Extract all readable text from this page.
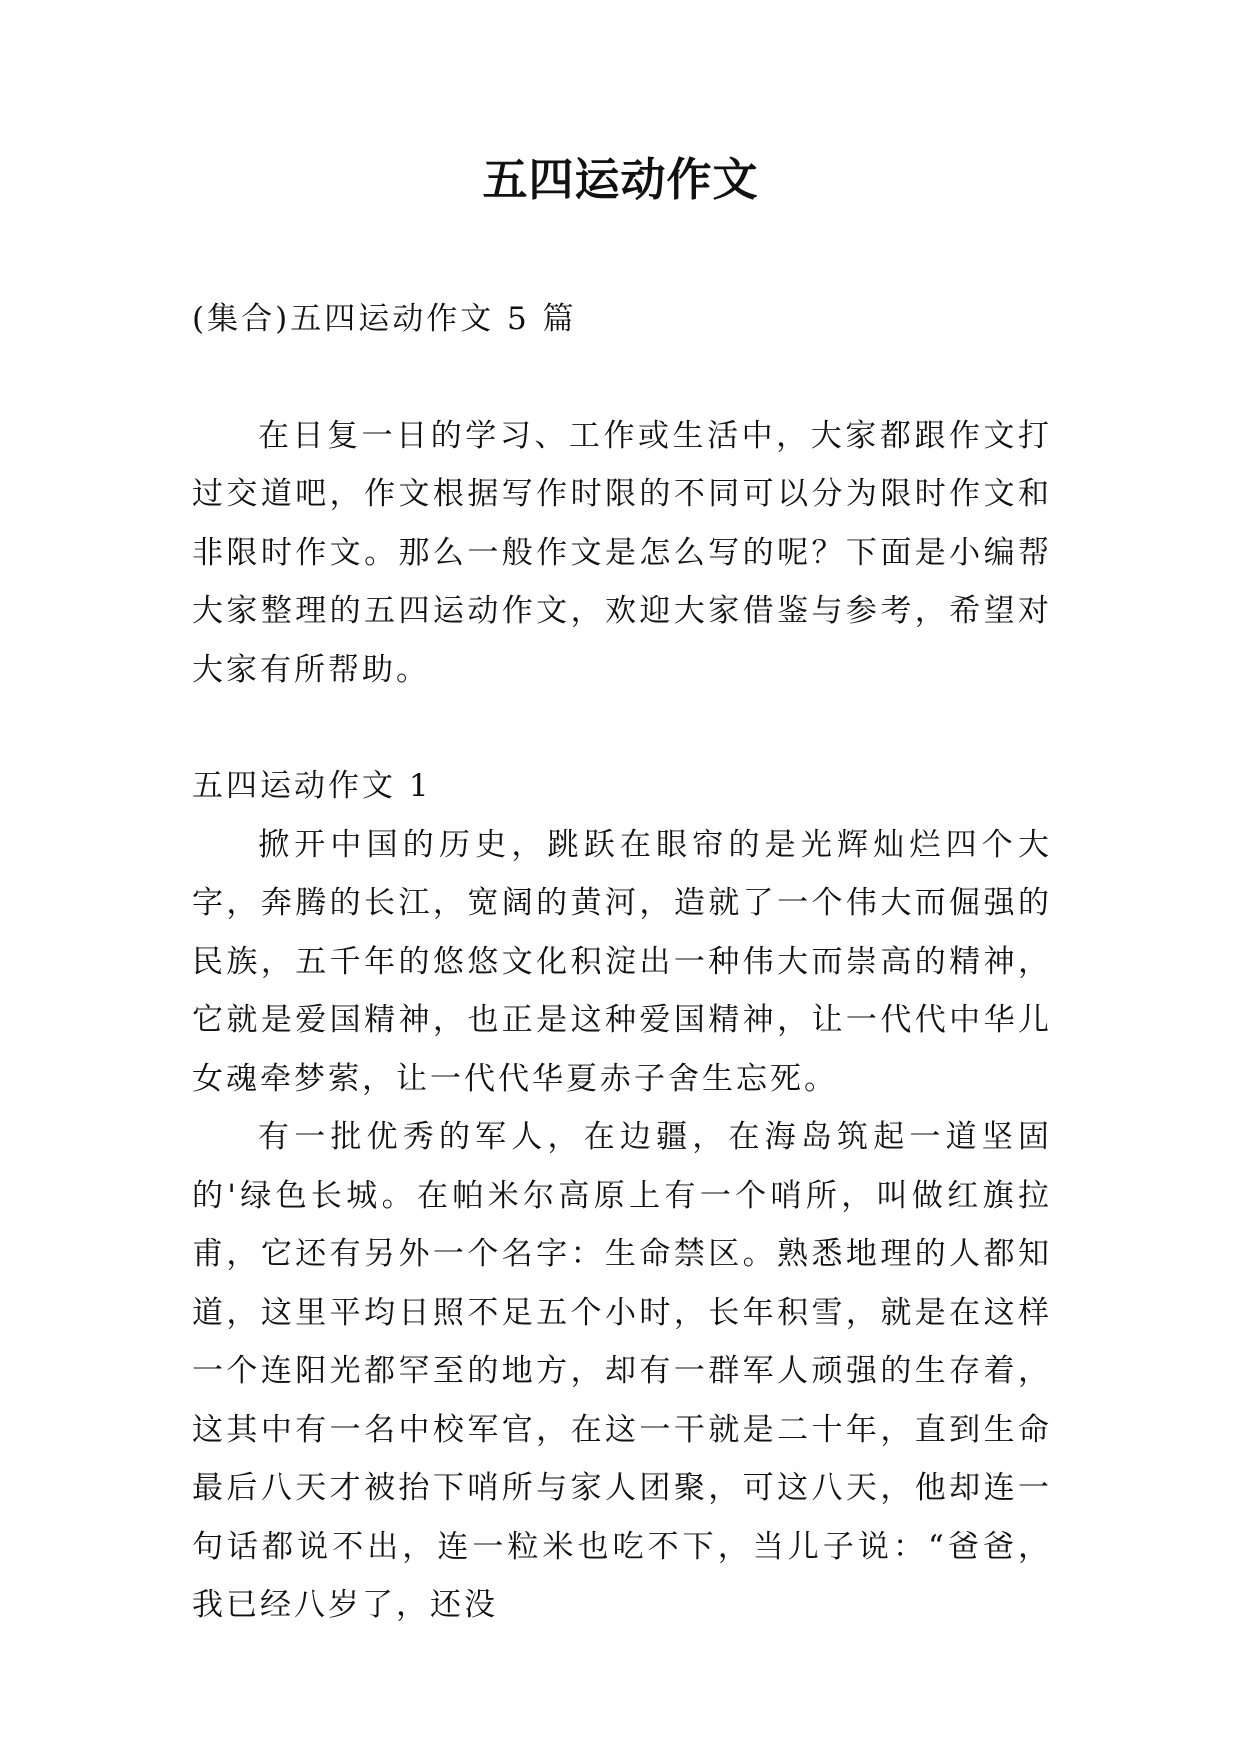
五四运动作文

(集合)五四运动作文 5 篇

在日复一日的学习、工作或生活中，大家都跟作文打过交道吧，作文根据写作时限的不同可以分为限时作文和非限时作文。那么一般作文是怎么写的呢？下面是小编帮大家整理的五四运动作文，欢迎大家借鉴与参考，希望对大家有所帮助。

五四运动作文 1

掀开中国的历史，跳跃在眼帘的是光辉灿烂四个大字，奔腾的长江，宽阔的黄河，造就了一个伟大而倔强的民族，五千年的悠悠文化积淀出一种伟大而崇高的精神，它就是爱国精神，也正是这种爱国精神，让一代代中华儿女魂牵梦萦，让一代代华夏赤子舍生忘死。

有一批优秀的军人，在边疆，在海岛筑起一道坚固的'绿色长城。在帕米尔高原上有一个哨所，叫做红旗拉甫，它还有另外一个名字：生命禁区。熟悉地理的人都知道，这里平均日照不足五个小时，长年积雪，就是在这样一个连阳光都罕至的地方，却有一群军人顽强的生存着，这其中有一名中校军官，在这一干就是二十年，直到生命最后八天才被抬下哨所与家人团聚，可这八天，他却连一句话都说不出，连一粒米也吃不下，当儿子说：“爸爸，我已经八岁了，还没
